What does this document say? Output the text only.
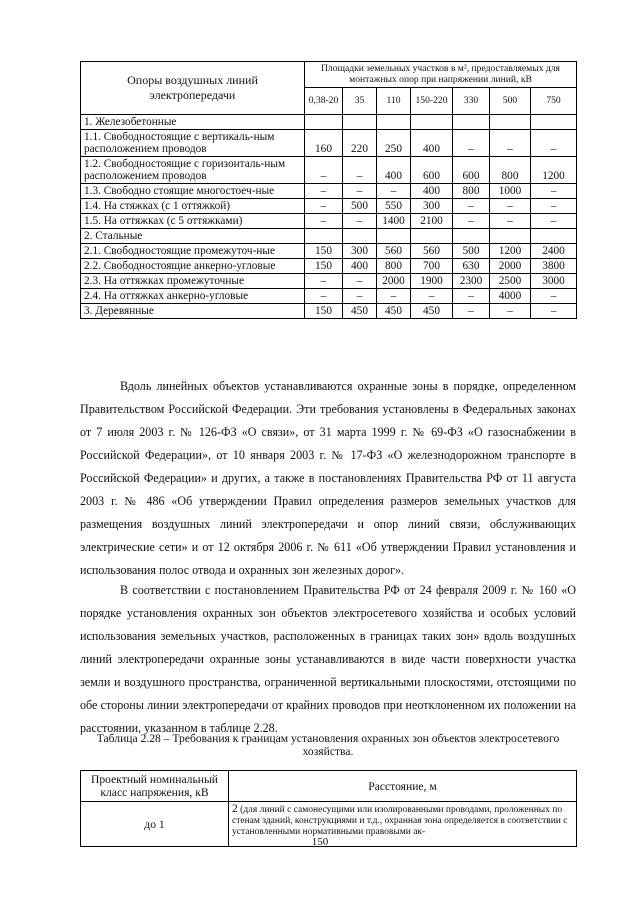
Опоры воздушных линий электропередачи	Площадки земельных участков в м², предоставляемых для монтажных опор при напряжении линий, кВ						
	0,38-20	35	110	150-220	330	500	750
1. Железобетонные							
1.1. Свободностоящие с вертикаль-ным расположением проводов	160	220	250	400	–	–	–
1.2. Свободностоящие с горизонталь-ным расположением проводов	–	–	400	600	600	800	1200
1.3. Свободно стоящие многостоеч-ные	–	–	–	400	800	1000	–
1.4. На стяжках (с 1 оттяжкой)	–	500	550	300	–	–	–
1.5. На оттяжках (с 5 оттяжками)	–	–	1400	2100	–	–	–
2. Стальные							
2.1. Свободностоящие промежуточ-ные	150	300	560	560	500	1200	2400
2.2. Свободностоящие анкерно-угловые	150	400	800	700	630	2000	3800
2.3. На оттяжках промежуточные	–	–	2000	1900	2300	2500	3000
2.4. На оттяжках анкерно-угловые	–	–	–	–	–	4000	–
3. Деревянные	150	450	450	450	–	–	–

Вдоль линейных объектов устанавливаются охранные зоны в порядке, определенном Правительством Российской Федерации. Эти требования установлены в Федеральных законах от 7 июля 2003 г. № 126-ФЗ «О связи», от 31 марта 1999 г. № 69-ФЗ «О газоснабжении в Российской Федерации», от 10 января 2003 г. № 17-ФЗ «О железнодорожном транспорте в Российской Федерации» и других, а также в постановлениях Правительства РФ от 11 августа 2003 г. № 486 «Об утверждении Правил определения размеров земельных участков для размещения воздушных линий электропередачи и опор линий связи, обслуживающих электрические сети» и от 12 октября 2006 г. № 611 «Об утверждении Правил установления и использования полос отвода и охранных зон железных дорог».

В соответствии с постановлением Правительства РФ от 24 февраля 2009 г. № 160 «О порядке установления охранных зон объектов электросетевого хозяйства и особых условий использования земельных участков, расположенных в границах таких зон» вдоль воздушных линий электропередачи охранные зоны устанавливаются в виде части поверхности участка земли и воздушного пространства, ограниченной вертикальными плоскостями, отстоящими по обе стороны линии электропередачи от крайних проводов при неотклоненном их положении на расстоянии, указанном в таблице 2.28.

Таблица 2.28 – Требования к границам установления охранных зон объектов электросетевого хозяйства.

Проектный номинальный класс напряжения, кВ	Расстояние, м
до 1	2 (для линий с самонесущими или изолированными проводами, проложенных по стенам зданий, конструкциями и т.д., охранная зона определяется в соответствии с установленными нормативными правовыми ак-
150
